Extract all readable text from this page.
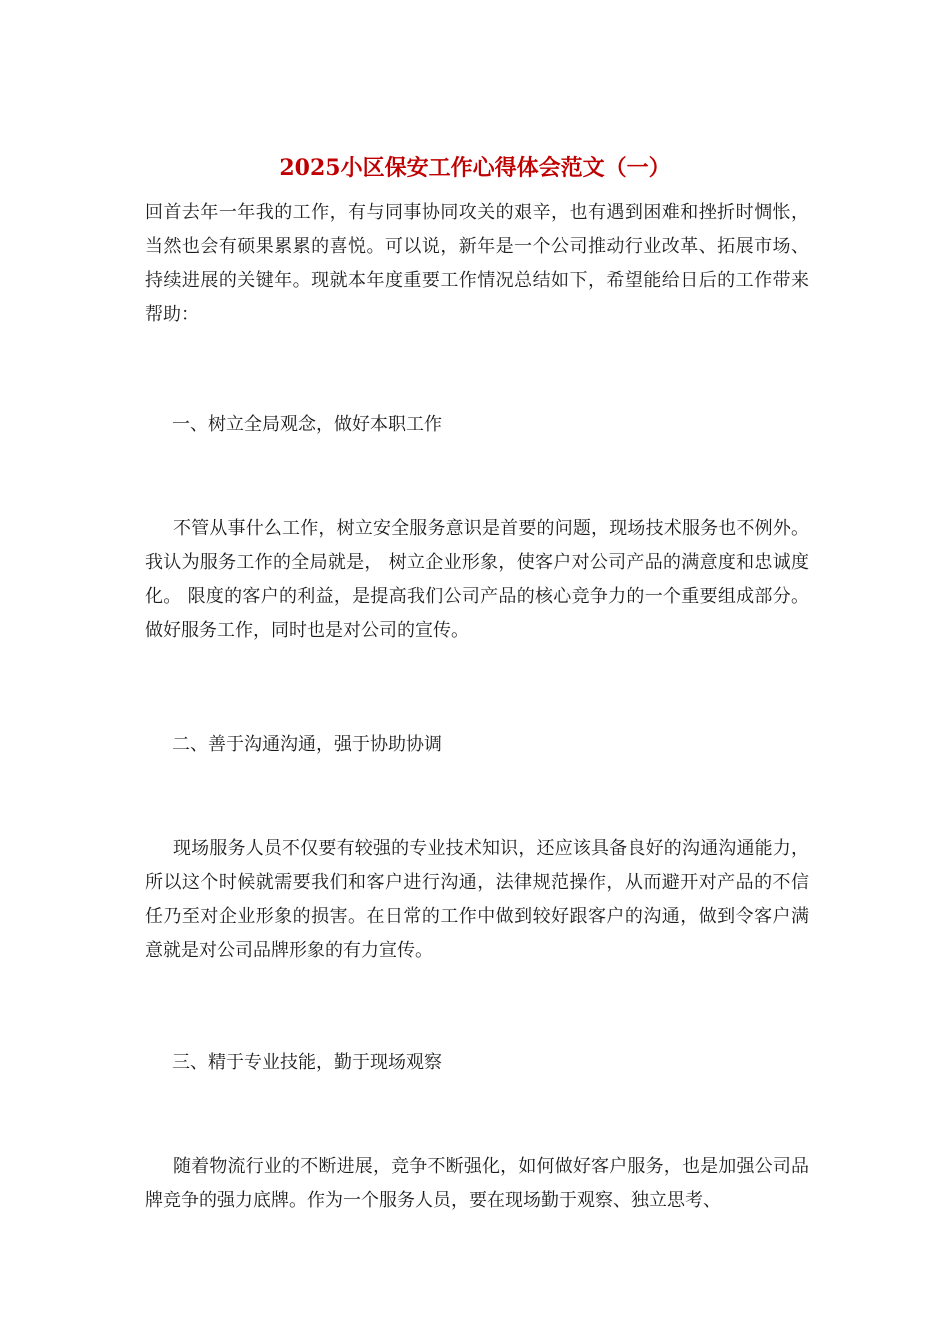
2025小区保安工作心得体会范文（一）

回首去年一年我的工作，有与同事协同攻关的艰辛，也有遇到困难和挫折时惆怅，当然也会有硕果累累的喜悦。可以说，新年是一个公司推动行业改革、拓展市场、持续进展的关键年。现就本年度重要工作情况总结如下，希望能给日后的工作带来帮助：

一、树立全局观念，做好本职工作

不管从事什么工作，树立安全服务意识是首要的问题，现场技术服务也不例外。我认为服务工作的全局就是， 树立企业形象，使客户对公司产品的满意度和忠诚度化。 限度的客户的利益，是提高我们公司产品的核心竞争力的一个重要组成部分。做好服务工作，同时也是对公司的宣传。

二、善于沟通沟通，强于协助协调

现场服务人员不仅要有较强的专业技术知识，还应该具备良好的沟通沟通能力，所以这个时候就需要我们和客户进行沟通，法律规范操作，从而避开对产品的不信任乃至对企业形象的损害。在日常的工作中做到较好跟客户的沟通，做到令客户满意就是对公司品牌形象的有力宣传。

三、精于专业技能，勤于现场观察

随着物流行业的不断进展，竞争不断强化，如何做好客户服务，也是加强公司品牌竞争的强力底牌。作为一个服务人员，要在现场勤于观察、独立思考、
